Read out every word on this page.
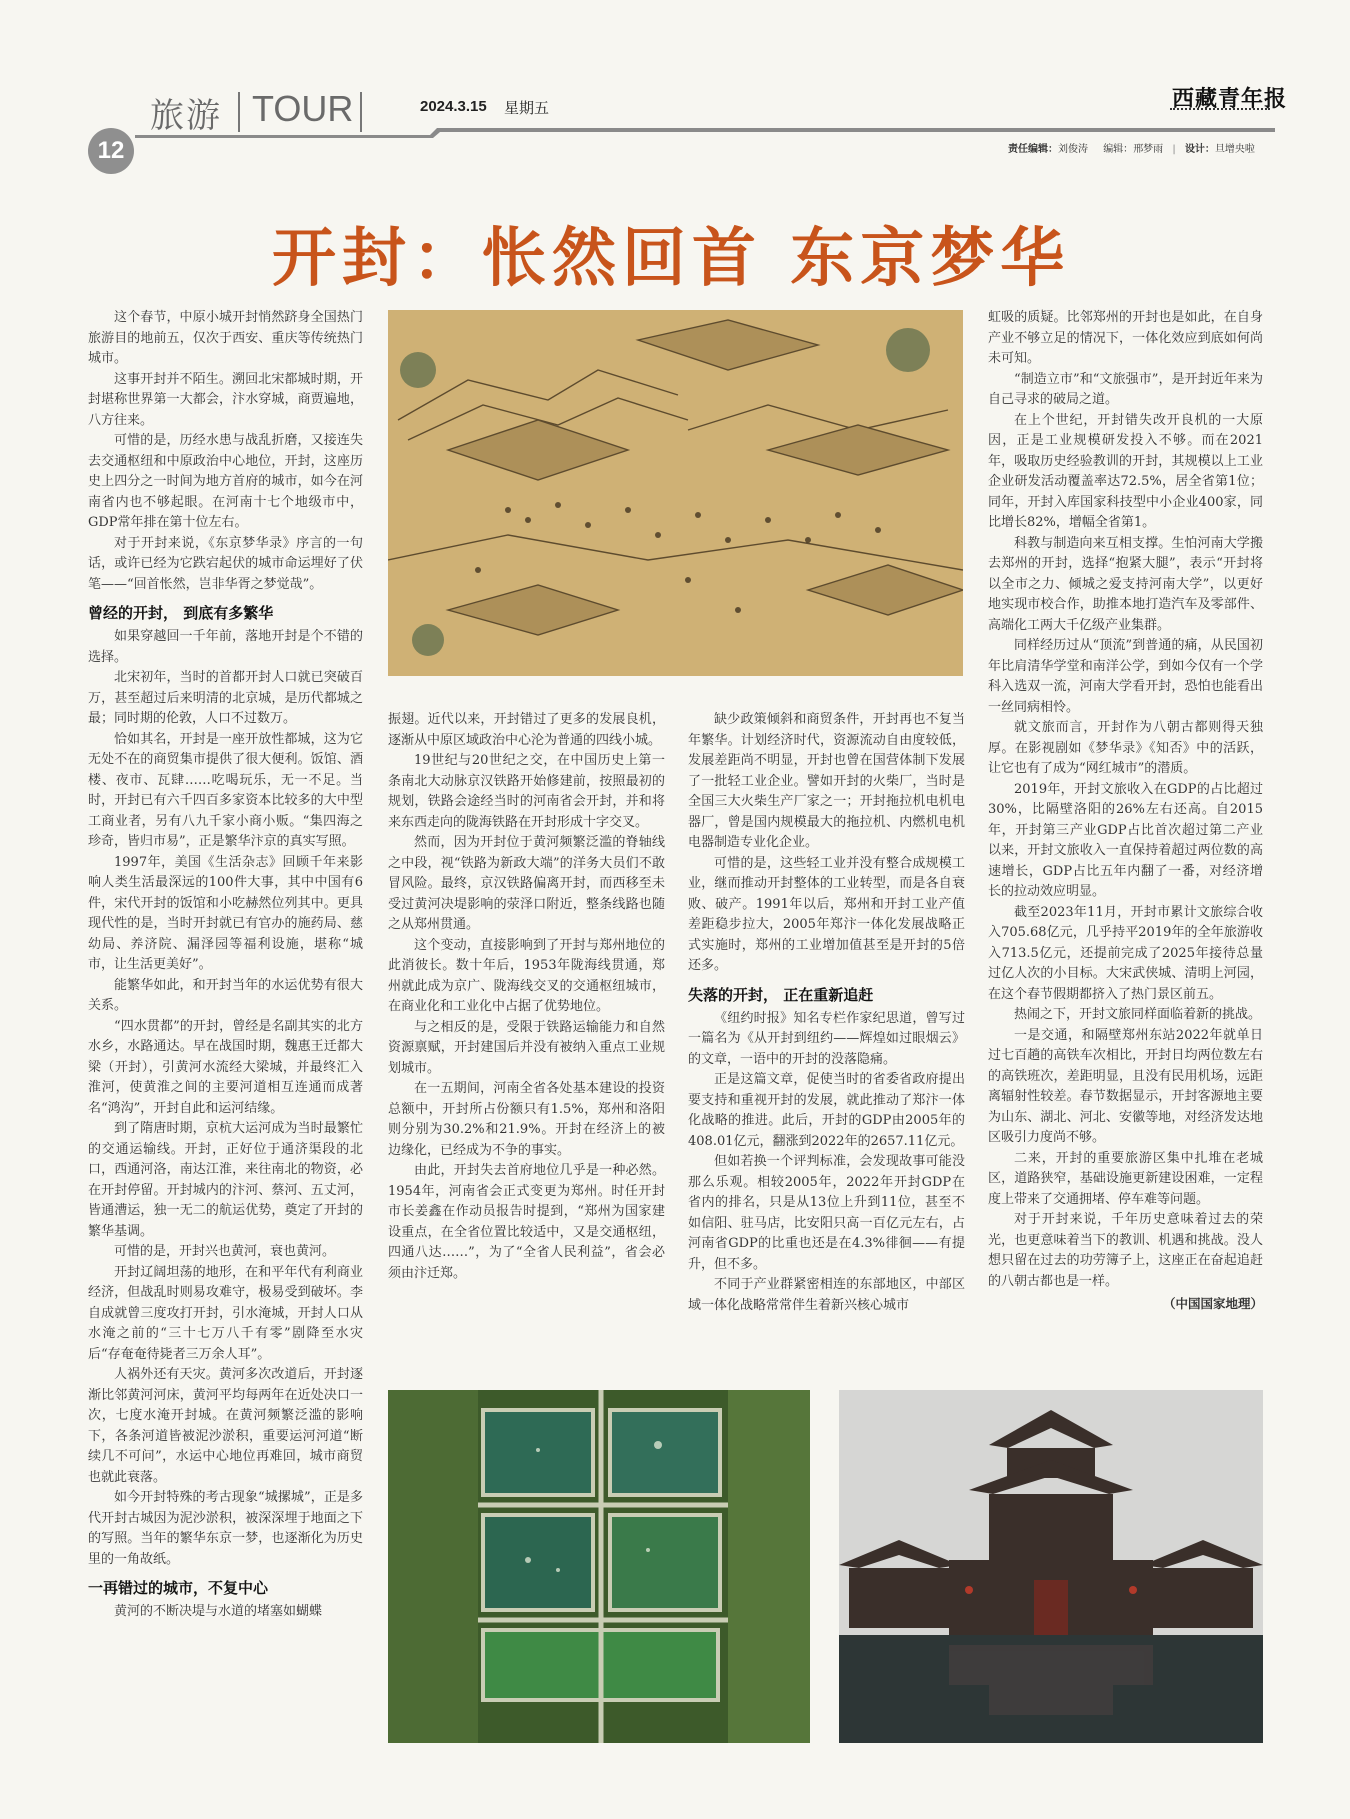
旅游 TOUR	2024.3.15 星期五	西藏青年报
12	责任编辑：刘俊涛 编辑：邢梦雨 | 设计：旦增央啦
开封：怅然回首 东京梦华

这个春节，中原小城开封悄然跻身全国热门旅游目的地前五，仅次于西安、重庆等传统热门城市。

这事开封并不陌生。溯回北宋都城时期，开封堪称世界第一大都会，汴水穿城，商贾遍地，八方往来。

可惜的是，历经水患与战乱折磨，又接连失去交通枢纽和中原政治中心地位，开封，这座历史上四分之一时间为地方首府的城市，如今在河南省内也不够起眼。在河南十七个地级市中，GDP常年排在第十位左右。

对于开封来说，《东京梦华录》序言的一句话，或许已经为它跌宕起伏的城市命运埋好了伏笔——“回首怅然，岂非华胥之梦觉哉”。

曾经的开封， 到底有多繁华

如果穿越回一千年前，落地开封是个不错的选择。

北宋初年，当时的首都开封人口就已突破百万，甚至超过后来明清的北京城，是历代都城之最；同时期的伦敦，人口不过数万。

恰如其名，开封是一座开放性都城，这为它无处不在的商贸集市提供了很大便利。饭馆、酒楼、夜市、瓦肆……吃喝玩乐，无一不足。当时，开封已有六千四百多家资本比较多的大中型工商业者，另有八九千家小商小贩。“集四海之珍奇，皆归市易”，正是繁华汴京的真实写照。

1997年，美国《生活杂志》回顾千年来影响人类生活最深远的100件大事，其中中国有6件，宋代开封的饭馆和小吃赫然位列其中。更具现代性的是，当时开封就已有官办的施药局、慈幼局、养济院、漏泽园等福利设施，堪称“城市，让生活更美好”。

能繁华如此，和开封当年的水运优势有很大关系。

“四水贯都”的开封，曾经是名副其实的北方水乡，水路通达。早在战国时期，魏惠王迁都大梁（开封），引黄河水流经大梁城，并最终汇入淮河，使黄淮之间的主要河道相互连通而成著名“鸿沟”，开封自此和运河结缘。

到了隋唐时期，京杭大运河成为当时最繁忙的交通运输线。开封，正好位于通济渠段的北口，西通河洛，南达江淮，来往南北的物资，必在开封停留。开封城内的汴河、蔡河、五丈河，皆通漕运，独一无二的航运优势，奠定了开封的繁华基调。

可惜的是，开封兴也黄河，衰也黄河。

开封辽阔坦荡的地形，在和平年代有利商业经济，但战乱时则易攻难守，极易受到破坏。李自成就曾三度攻打开封，引水淹城，开封人口从水淹之前的“三十七万八千有零”剧降至水灾后“存奄奄待毙者三万余人耳”。

人祸外还有天灾。黄河多次改道后，开封逐渐比邻黄河河床，黄河平均每两年在近处决口一次，七度水淹开封城。在黄河频繁泛滥的影响下，各条河道皆被泥沙淤积，重要运河河道“断续几不可问”，水运中心地位再难回，城市商贸也就此衰落。

如今开封特殊的考古现象“城摞城”，正是多代开封古城因为泥沙淤积，被深深埋于地面之下的写照。当年的繁华东京一梦，也逐渐化为历史里的一角故纸。

一再错过的城市，不复中心

黄河的不断决堤与水道的堵塞如蝴蝶

振翅。近代以来，开封错过了更多的发展良机，逐渐从中原区域政治中心沦为普通的四线小城。

19世纪与20世纪之交，在中国历史上第一条南北大动脉京汉铁路开始修建前，按照最初的规划，铁路会途经当时的河南省会开封，并和将来东西走向的陇海铁路在开封形成十字交叉。

然而，因为开封位于黄河频繁泛滥的脊轴线之中段，视“铁路为新政大端”的洋务大员们不敢冒风险。最终，京汉铁路偏离开封，而西移至未受过黄河决堤影响的荥泽口附近，整条线路也随之从郑州贯通。

这个变动，直接影响到了开封与郑州地位的此消彼长。数十年后，1953年陇海线贯通，郑州就此成为京广、陇海线交叉的交通枢纽城市，在商业化和工业化中占据了优势地位。

与之相反的是，受限于铁路运输能力和自然资源禀赋，开封建国后并没有被纳入重点工业规划城市。

在一五期间，河南全省各处基本建设的投资总额中，开封所占份额只有1.5%，郑州和洛阳则分别为30.2%和21.9%。开封在经济上的被边缘化，已经成为不争的事实。

由此，开封失去首府地位几乎是一种必然。1954年，河南省会正式变更为郑州。时任开封市长姜鑫在作动员报告时提到，“郑州为国家建设重点，在全省位置比较适中，又是交通枢纽，四通八达……”，为了“全省人民利益”，省会必须由汴迁郑。

缺少政策倾斜和商贸条件，开封再也不复当年繁华。计划经济时代，资源流动自由度较低，发展差距尚不明显，开封也曾在国营体制下发展了一批轻工业企业。譬如开封的火柴厂，当时是全国三大火柴生产厂家之一；开封拖拉机电机电器厂，曾是国内规模最大的拖拉机、内燃机电机电器制造专业化企业。

可惜的是，这些轻工业并没有整合成规模工业，继而推动开封整体的工业转型，而是各自衰败、破产。1991年以后，郑州和开封工业产值差距稳步拉大，2005年郑汴一体化发展战略正式实施时，郑州的工业增加值甚至是开封的5倍还多。

失落的开封， 正在重新追赶

《纽约时报》知名专栏作家纪思道，曾写过一篇名为《从开封到纽约——辉煌如过眼烟云》的文章，一语中的开封的没落隐痛。

正是这篇文章，促使当时的省委省政府提出要支持和重视开封的发展，就此推动了郑汴一体化战略的推进。此后，开封的GDP由2005年的408.01亿元，翻涨到2022年的2657.11亿元。

但如若换一个评判标准，会发现故事可能没那么乐观。相较2005年，2022年开封GDP在省内的排名，只是从13位上升到11位，甚至不如信阳、驻马店，比安阳只高一百亿元左右，占河南省GDP的比重也还是在4.3%徘徊——有提升，但不多。

不同于产业群紧密相连的东部地区，中部区域一体化战略常常伴生着新兴核心城市

虹吸的质疑。比邻郑州的开封也是如此，在自身产业不够立足的情况下，一体化效应到底如何尚未可知。

“制造立市”和“文旅强市”，是开封近年来为自己寻求的破局之道。

在上个世纪，开封错失改开良机的一大原因，正是工业规模研发投入不够。而在2021年，吸取历史经验教训的开封，其规模以上工业企业研发活动覆盖率达72.5%，居全省第1位；同年，开封入库国家科技型中小企业400家，同比增长82%，增幅全省第1。

科教与制造向来互相支撑。生怕河南大学搬去郑州的开封，选择“抱紧大腿”，表示“开封将以全市之力、倾城之爱支持河南大学”，以更好地实现市校合作，助推本地打造汽车及零部件、高端化工两大千亿级产业集群。

同样经历过从“顶流”到普通的痛，从民国初年比肩清华学堂和南洋公学，到如今仅有一个学科入选双一流，河南大学看开封，恐怕也能看出一丝同病相怜。

就文旅而言，开封作为八朝古都则得天独厚。在影视剧如《梦华录》《知否》中的活跃，让它也有了成为“网红城市”的潜质。

2019年，开封文旅收入在GDP的占比超过30%，比隔壁洛阳的26%左右还高。自2015年，开封第三产业GDP占比首次超过第二产业以来，开封文旅收入一直保持着超过两位数的高速增长，GDP占比五年内翻了一番，对经济增长的拉动效应明显。

截至2023年11月，开封市累计文旅综合收入705.68亿元，几乎持平2019年的全年旅游收入713.5亿元，还提前完成了2025年接待总量过亿人次的小目标。大宋武侠城、清明上河园，在这个春节假期都挤入了热门景区前五。

热闹之下，开封文旅同样面临着新的挑战。

一是交通，和隔壁郑州东站2022年就单日过七百趟的高铁车次相比，开封日均两位数左右的高铁班次，差距明显，且没有民用机场，远距离辐射性较差。春节数据显示，开封客源地主要为山东、湖北、河北、安徽等地，对经济发达地区吸引力度尚不够。

二来，开封的重要旅游区集中扎堆在老城区，道路狭窄，基础设施更新建设困难，一定程度上带来了交通拥堵、停车难等问题。

对于开封来说，千年历史意味着过去的荣光，也更意味着当下的教训、机遇和挑战。没人想只留在过去的功劳簿子上，这座正在奋起追赶的八朝古都也是一样。

（中国国家地理）
